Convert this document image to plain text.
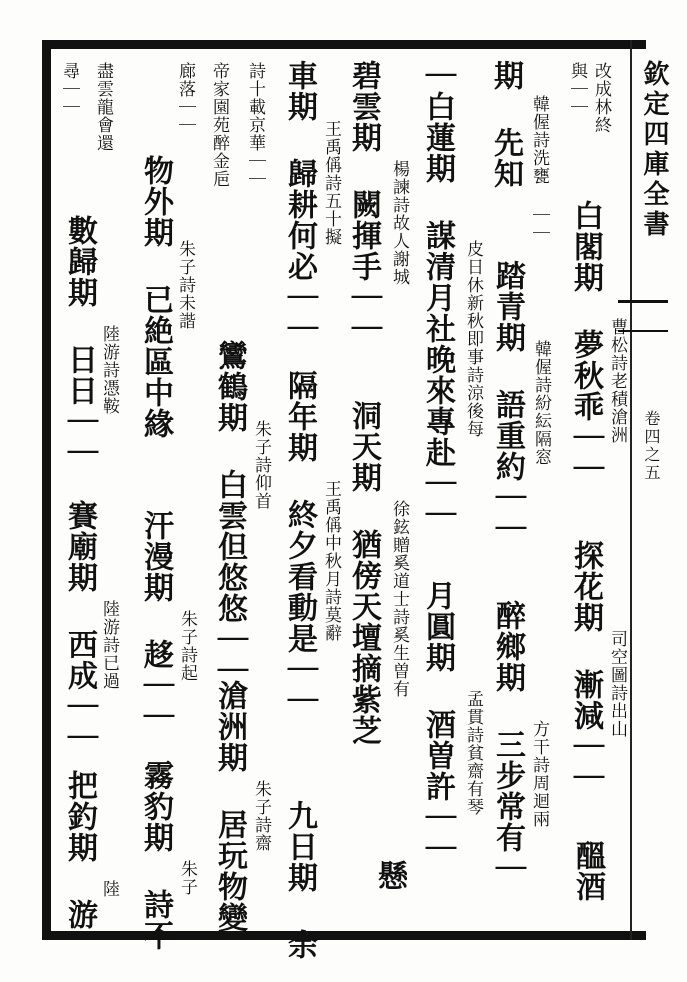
欽定四庫全書
卷四之五
改成林終
與｜｜
期 先知 韓偓詩洗甕 ｜｜
白閣期 夢秋乖｜｜ 曹松詩老積滄洲
踏青期 語重約｜｜ 韓偓詩紛紜隔窓
探花期 漸減｜｜ 司空圖詩出山
醉鄉期 三步常有｜ 方干詩周迴兩
醞酒
｜白蓮期 謀清月社晚來專赴｜｜ 皮日休新秋即事詩涼後每
月圓期 酒曽許｜｜ 孟貫詩貧齋有琴
碧雲期 闕揮手｜｜ 楊諫詩故人謝城
洞天期 猶傍天壇摘紫芝 徐鉉贈奚道士詩奚生曽有
懸
車期 歸耕何必｜｜ 王禹偁詩五十擬
隔年期 終夕看動是｜｜ 王禹偁中秋月詩莫辭
九日期 余
詩十載京華｜｜
帝家園苑醉金巵
鸞鶴期 白雲但悠悠｜｜ 朱子詩仰首
滄洲期 居玩物變 朱子詩齋
廊落｜｜
物外期 已絶區中緣 朱子詩未諧
汗漫期 趍｜｜ 朱子詩起
霧豹期 詩不 朱子
盡雲龍會還
尋｜｜
數歸期 日日｜｜ 陸游詩憑鞍
賽廟期 西成｜｜ 陸游詩已過
把釣期 游 陸
